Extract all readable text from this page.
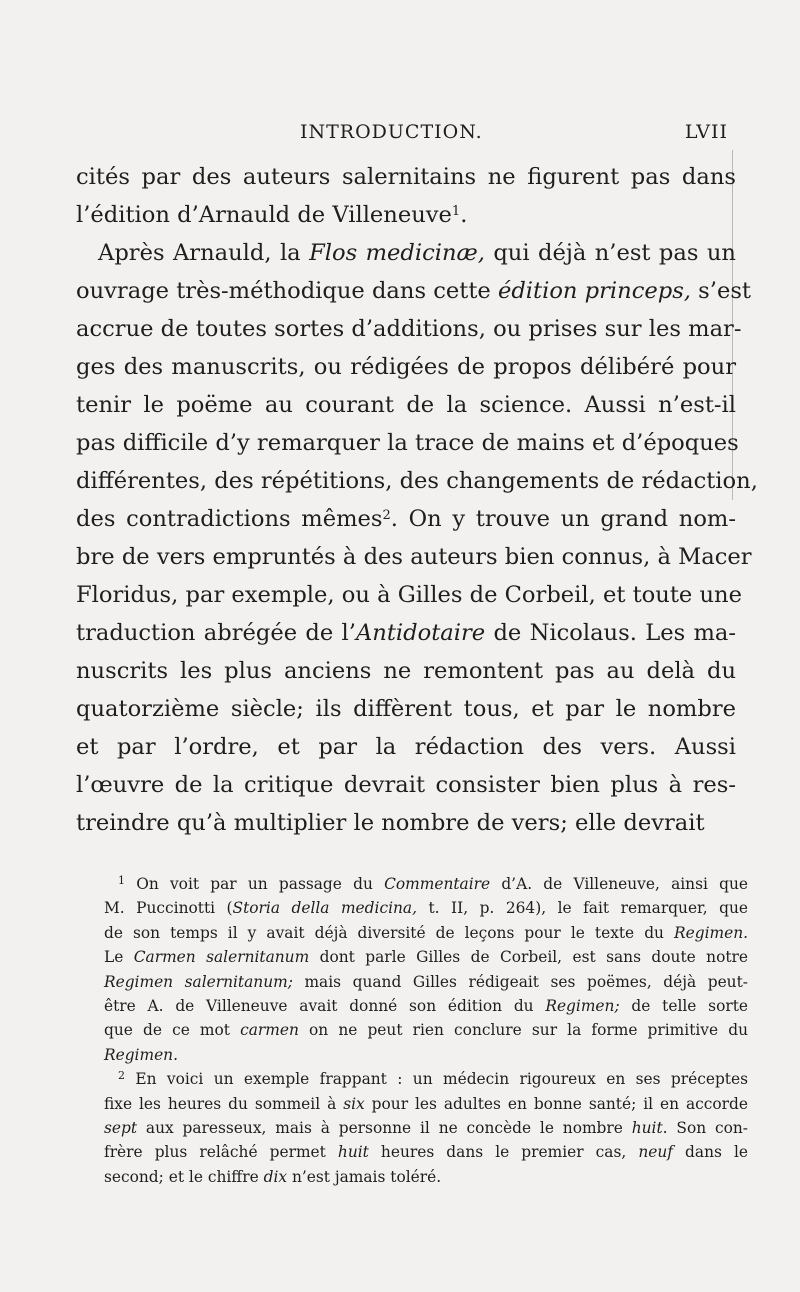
INTRODUCTION.	LVII
cités par des auteurs salernitains ne figurent pas dans
l’édition d’Arnauld de Villeneuve$^1$.
Après Arnauld, la Flos medicinæ, qui déjà n’est pas un
ouvrage très-méthodique dans cette édition princeps, s’est
accrue de toutes sortes d’additions, ou prises sur les mar-
ges des manuscrits, ou rédigées de propos délibéré pour
tenir le poëme au courant de la science. Aussi n’est-il
pas difficile d’y remarquer la trace de mains et d’époques
différentes, des répétitions, des changements de rédaction,
des contradictions mêmes$^2$. On y trouve un grand nom-
bre de vers empruntés à des auteurs bien connus, à Macer
Floridus, par exemple, ou à Gilles de Corbeil, et toute une
traduction abrégée de l’Antidotaire de Nicolaus. Les ma-
nuscrits les plus anciens ne remontent pas au delà du
quatorzième siècle; ils diffèrent tous, et par le nombre
et par l’ordre, et par la rédaction des vers. Aussi
l’œuvre de la critique devrait consister bien plus à res-
treindre qu’à multiplier le nombre de vers; elle devrait
$^1$ On voit par un passage du Commentaire d’A. de Villeneuve, ainsi que
M. Puccinotti (Storia della medicina, t. II, p. 264), le fait remarquer, que
de son temps il y avait déjà diversité de leçons pour le texte du Regimen.
Le Carmen salernitanum dont parle Gilles de Corbeil, est sans doute notre
Regimen salernitanum; mais quand Gilles rédigeait ses poëmes, déjà peut-
être A. de Villeneuve avait donné son édition du Regimen; de telle sorte
que de ce mot carmen on ne peut rien conclure sur la forme primitive du
Regimen.
$^2$ En voici un exemple frappant : un médecin rigoureux en ses préceptes
fixe les heures du sommeil à six pour les adultes en bonne santé; il en accorde
sept aux paresseux, mais à personne il ne concède le nombre huit. Son con-
frère plus relâché permet huit heures dans le premier cas, neuf dans le
second; et le chiffre dix n’est jamais toléré.
